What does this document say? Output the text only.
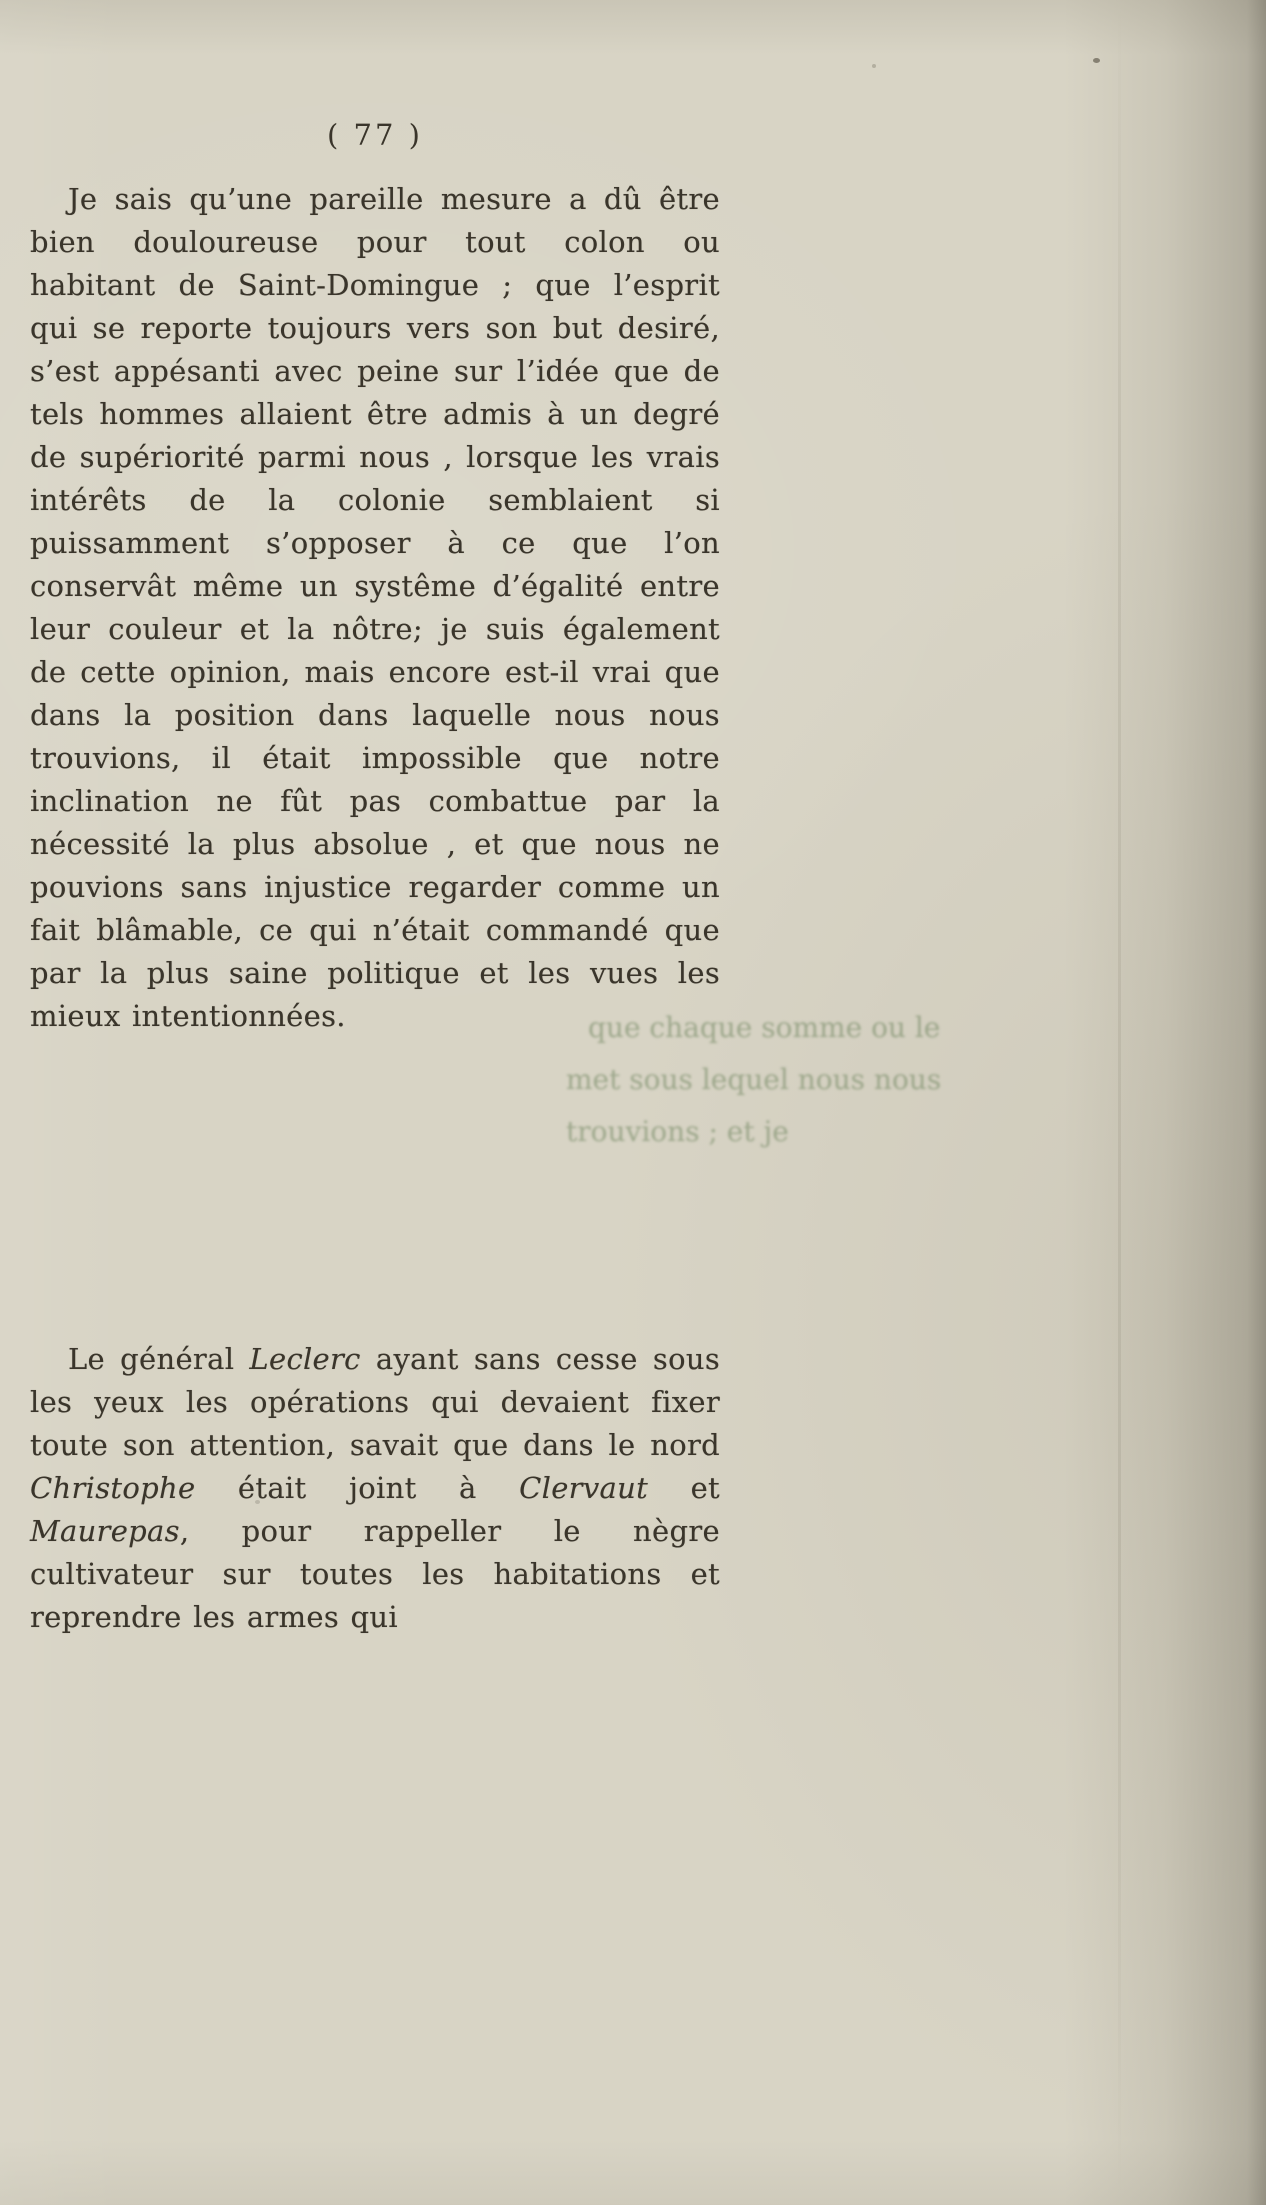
( 77 )

Je sais qu’une pareille mesure a dû être bien douloureuse pour tout colon ou habitant de Saint-Domingue ; que l’esprit qui se reporte toujours vers son but desiré, s’est appésanti avec peine sur l’idée que de tels hommes allaient être admis à un degré de supériorité parmi nous , lorsque les vrais intérêts de la colonie semblaient si puissamment s’opposer à ce que l’on conservât même un systême d’égalité entre leur couleur et la nôtre; je suis également de cette opinion, mais encore est-il vrai que dans la position dans laquelle nous nous trouvions, il était impossible que notre inclination ne fût pas combattue par la nécessité la plus absolue , et que nous ne pouvions sans injustice regarder comme un fait blâmable, ce qui n’était commandé que par la plus saine politique et les vues les mieux intentionnées.

Le général Leclerc ayant sans cesse sous les yeux les opérations qui devaient fixer toute son attention, savait que dans le nord Christophe était joint à Clervaut et Maurepas, pour rappeller le nègre cultivateur sur toutes les habitations et reprendre les armes qui

que chaque somme ou le
met sous lequel nous nous trouvions ; et je
